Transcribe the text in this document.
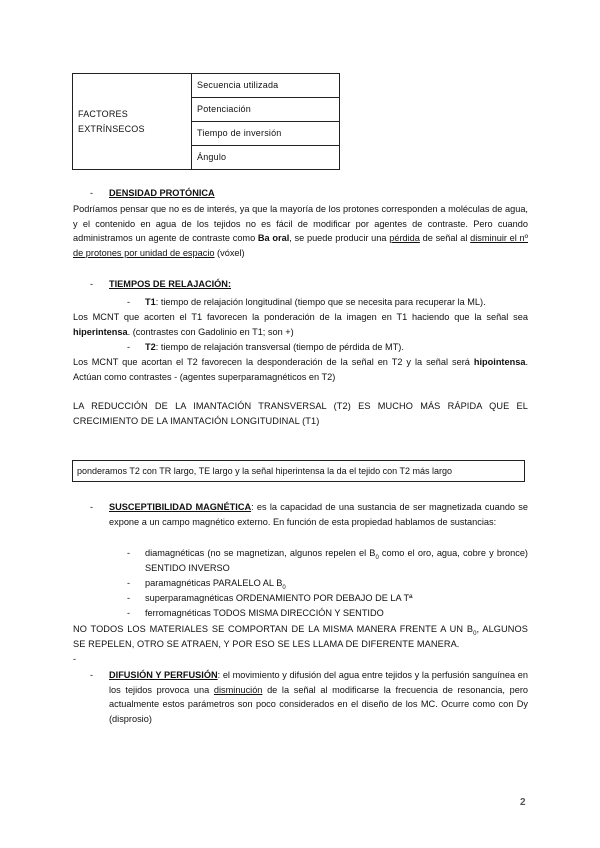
FACTORES EXTRÍNSECOS	Secuencia utilizada
Potenciación
Tiempo de inversión
Ángulo
- DENSIDAD PROTÓNICA
Podríamos pensar que no es de interés, ya que la mayoría de los protones corresponden a moléculas de agua, y el contenido en agua de los tejidos no es fácil de modificar por agentes de contraste. Pero cuando administramos un agente de contraste como Ba oral, se puede producir una pérdida de señal al disminuir el nº de protones por unidad de espacio (vóxel)
- TIEMPOS DE RELAJACIÓN:
- T1: tiempo de relajación longitudinal (tiempo que se necesita para recuperar la ML).
Los MCNT que acorten el T1 favorecen la ponderación de la imagen en T1 haciendo que la señal sea hiperintensa. (contrastes con Gadolinio en T1; son +)
- T2: tiempo de relajación transversal (tiempo de pérdida de MT).
Los MCNT que acortan el T2 favorecen la desponderación de la señal en T2 y la señal será hipointensa. Actúan como contrastes - (agentes superparamagnéticos en T2)
LA REDUCCIÓN DE LA IMANTACIÓN TRANSVERSAL (T2) ES MUCHO MÁS RÁPIDA QUE EL CRECIMIENTO DE LA IMANTACIÓN LONGITUDINAL (T1)
ponderamos T2 con TR largo, TE largo y la señal hiperintensa la da el tejido con T2 más largo
- SUSCEPTIBILIDAD MAGNÉTICA: es la capacidad de una sustancia de ser magnetizada cuando se expone a un campo magnético externo. En función de esta propiedad hablamos de sustancias:
- diamagnéticas (no se magnetizan, algunos repelen el $B_0$ como el oro, agua, cobre y bronce) SENTIDO INVERSO
- paramagnéticas PARALELO AL $B_0$
- superparamagnéticas ORDENAMIENTO POR DEBAJO DE LA Tª
- ferromagnéticas TODOS MISMA DIRECCIÓN Y SENTIDO
NO TODOS LOS MATERIALES SE COMPORTAN DE LA MISMA MANERA FRENTE A UN $B_0$, ALGUNOS SE REPELEN, OTRO SE ATRAEN, Y POR ESO SE LES LLAMA DE DIFERENTE MANERA.
-
- DIFUSIÓN Y PERFUSIÓN: el movimiento y difusión del agua entre tejidos y la perfusión sanguínea en los tejidos provoca una disminución de la señal al modificarse la frecuencia de resonancia, pero actualmente estos parámetros son poco considerados en el diseño de los MC. Ocurre como con Dy (disprosio)
2
